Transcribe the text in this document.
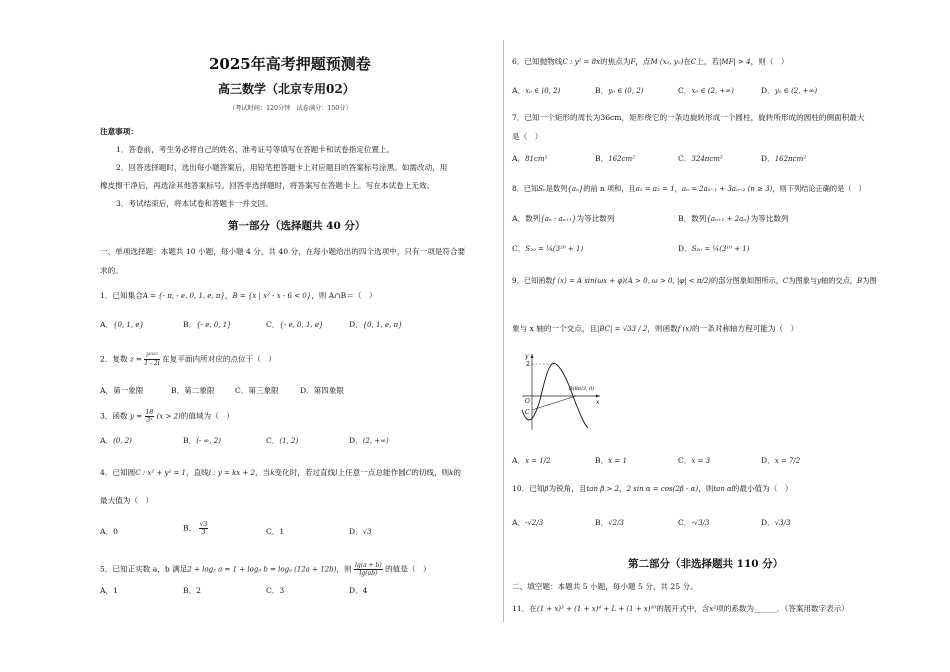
2025年高考押题预测卷
高三数学（北京专用02）
（考试时间：120分钟　试卷满分：150分）
注意事项：
1．答卷前，考生务必将自己的姓名、准考证号等填写在答题卡和试卷指定位置上。
2．回答选择题时，选出每小题答案后，用铅笔把答题卡上对应题目的答案标号涂黑。如需改动，用
橡皮擦干净后，再选涂其他答案标号。回答非选择题时，将答案写在答题卡上。写在本试卷上无效。
3．考试结束后，将本试卷和答题卡一并交回。
第一部分（选择题共 40 分）
一、单项选择题：本题共 10 小题，每小题 4 分，共 40 分，在每小题给出的四个选项中，只有一项是符合要
求的。
1．已知集合A = {- π, - e, 0, 1, e, π}，B = {x | x² - x - 6 < 0}，则 A∩B＝（　）
A．{0, 1, e}	B．{- e, 0, 1}	C．{- e, 0, 1, e}	D．{0, 1, e, π}
2．复数 $z = \frac{\text{i²⁰²⁵}}{1 - 2i}$ 在复平面内所对应的点位于（　）
A．第一象限	B．第二象限	C．第三象限	D．第四象限
3．函数 $y = \frac{18}{\text{3ˣ}} (x > 2)$的值域为（　）
A．(0, 2)	B．(- ∞, 2)	C．(1, 2)	D．(2, +∞)
4．已知圆C : x² + y² = 1，直线l : y = kx + 2，当k变化时，若过直线l上任意一点总能作圆C的切线，则k的
最大值为（　）
A．0	B． $\frac{√3}{3}$	C．1	D．√3
5．已知正实数 a，b 满足2 + log₂ a = 1 + log₃ b = log₆ (12a + 12b)，则 $\frac{\lg(a + b)}{\lg(ab)}$ 的值是（　）
A．1	B．2	C．3	D．4
6．已知抛物线C : y² = 8x的焦点为F，点M (x₀, y₀)在C上，若|MF| > 4，则（　）
A．x₀ ∈ (0, 2)	B．y₀ ∈ (0, 2)	C．x₀ ∈ (2, +∞)	D．y₀ ∈ (2, +∞)
7．已知一个矩形的周长为36cm，矩形绕它的一条边旋转形成一个圆柱，旋转所形成的圆柱的侧面积最大
是（　）
A．81cm²	B．162cm²	C．324πcm²	D．162πcm²
8．已知Sₙ是数列{aₙ}的前 n 项和，且a₁ = a₂ = 1，aₙ = 2aₙ₋₁ + 3aₙ₋₂ (n ≥ 3)，则下列结论正确的是（　）
A．数列{aₙ - aₙ₊₁}为等比数列	B．数列{aₙ₊₁ + 2aₙ}为等比数列
C．S₂₀ = ¼(3²⁰ + 1)	D．S₂₀ = ¼(3¹⁰ + 1)
9．已知函数f (x) = A sin(ωx + φ)(A > 0, ω > 0, |φ| < π/2)的部分图象如图所示，C为图象与y轴的交点，B为图
象与 x 轴的一个交点，且|BC| = √33 / 2，则函数f (x)的一条对称轴方程可能为（　）
y
2
O
C
B(8π/3, 0)
x
A．x = 1/2	B．x = 1	C．x = 3	D．x = 7/2
10．已知β为锐角，且tan β > 2，2 sin α = cos(2β - α)，则tan α的最小值为（　）
A．-√2/3	B．√2/3	C．-√3/3	D．√3/3
第二部分（非选择题共 110 分）
二、填空题：本题共 5 小题，每小题 5 分，共 25 分。
11．在(1 + x)³ + (1 + x)⁴ + L + (1 + x)¹⁰的展开式中，含x²项的系数为______．（答案用数字表示）
